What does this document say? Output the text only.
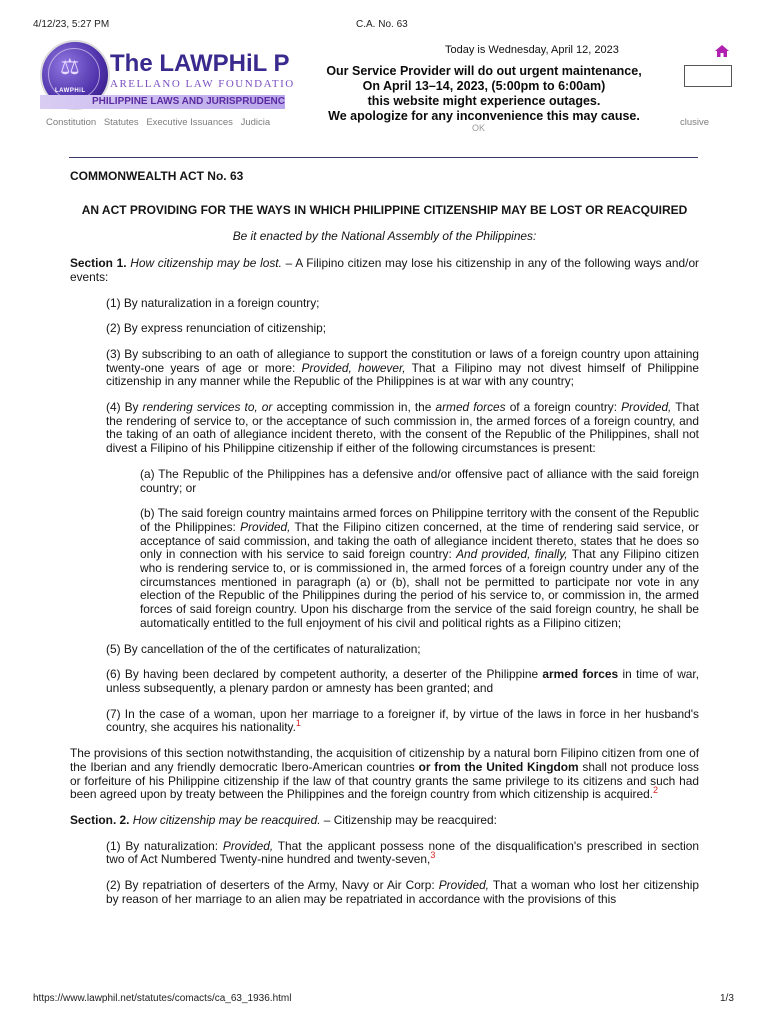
4/12/23, 5:27 PM	C.A. No. 63
⚖
LAWPHiL
The LAWPHiL P
ARELLANO LAW FOUNDATIO
PHILIPPINE LAWS AND JURISPRUDENC
Constitution Statutes Executive Issuances Judicia	clusive
Today is Wednesday, April 12, 2023
Our Service Provider will do out urgent maintenance,
On April 13–14, 2023, (5:00pm to 6:00am)
this website might experience outages.
We apologize for any inconvenience this may cause.
OK
COMMONWEALTH ACT No. 63
AN ACT PROVIDING FOR THE WAYS IN WHICH PHILIPPINE CITIZENSHIP MAY BE LOST OR REACQUIRED
Be it enacted by the National Assembly of the Philippines:

Section 1. How citizenship may be lost. – A Filipino citizen may lose his citizenship in any of the following ways and/or events:

(1) By naturalization in a foreign country;

(2) By express renunciation of citizenship;

(3) By subscribing to an oath of allegiance to support the constitution or laws of a foreign country upon attaining twenty-one years of age or more: Provided, however, That a Filipino may not divest himself of Philippine citizenship in any manner while the Republic of the Philippines is at war with any country;

(4) By rendering services to, or accepting commission in, the armed forces of a foreign country: Provided, That the rendering of service to, or the acceptance of such commission in, the armed forces of a foreign country, and the taking of an oath of allegiance incident thereto, with the consent of the Republic of the Philippines, shall not divest a Filipino of his Philippine citizenship if either of the following circumstances is present:

(a) The Republic of the Philippines has a defensive and/or offensive pact of alliance with the said foreign country; or

(b) The said foreign country maintains armed forces on Philippine territory with the consent of the Republic of the Philippines: Provided, That the Filipino citizen concerned, at the time of rendering said service, or acceptance of said commission, and taking the oath of allegiance incident thereto, states that he does so only in connection with his service to said foreign country: And provided, finally, That any Filipino citizen who is rendering service to, or is commissioned in, the armed forces of a foreign country under any of the circumstances mentioned in paragraph (a) or (b), shall not be permitted to participate nor vote in any election of the Republic of the Philippines during the period of his service to, or commission in, the armed forces of said foreign country. Upon his discharge from the service of the said foreign country, he shall be automatically entitled to the full enjoyment of his civil and political rights as a Filipino citizen;

(5) By cancellation of the of the certificates of naturalization;

(6) By having been declared by competent authority, a deserter of the Philippine armed forces in time of war, unless subsequently, a plenary pardon or amnesty has been granted; and

(7) In the case of a woman, upon her marriage to a foreigner if, by virtue of the laws in force in her husband's country, she acquires his nationality.$^1$

The provisions of this section notwithstanding, the acquisition of citizenship by a natural born Filipino citizen from one of the Iberian and any friendly democratic Ibero-American countries or from the United Kingdom shall not produce loss or forfeiture of his Philippine citizenship if the law of that country grants the same privilege to its citizens and such had been agreed upon by treaty between the Philippines and the foreign country from which citizenship is acquired.$^2$

Section. 2. How citizenship may be reacquired. – Citizenship may be reacquired:

(1) By naturalization: Provided, That the applicant possess none of the disqualification's prescribed in section two of Act Numbered Twenty-nine hundred and twenty-seven,$^3$

(2) By repatriation of deserters of the Army, Navy or Air Corp: Provided, That a woman who lost her citizenship by reason of her marriage to an alien may be repatriated in accordance with the provisions of this

https://www.lawphil.net/statutes/comacts/ca_63_1936.html	1/3
